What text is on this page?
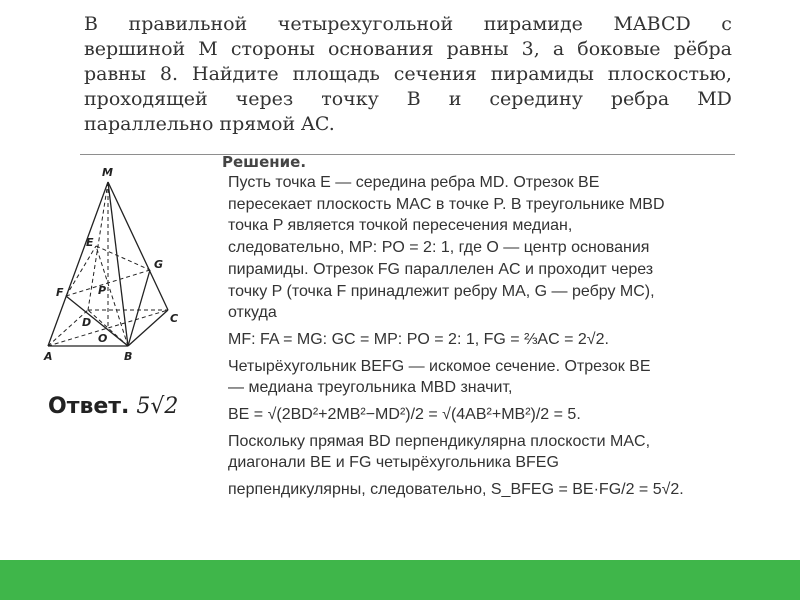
В правильной четырехугольной пирамиде MABCD с
вершиной M стороны основания равны 3, а боковые рёбра
равны 8. Найдите площадь сечения пирамиды плоскостью,
проходящей через точку B и середину ребра MD
параллельно прямой AC.
M
E
G
F	P
D	C
O
A	B
Ответ. 5√2
Решение.
Пусть точка E — середина ребра MD. Отрезок BE
пересекает плоскость MAC в точке P. В треугольнике MBD
точка P является точкой пересечения медиан,
следовательно, MP: PO = 2: 1, где O — центр основания
пирамиды. Отрезок FG параллелен AC и проходит через
точку P (точка F принадлежит ребру MA, G — ребру MC),
откуда
MF: FA = MG: GC = MP: PO = 2: 1, FG = ⅔AC = 2√2.
Четырёхугольник BEFG — искомое сечение. Отрезок BE
— медиана треугольника MBD значит,
BE = √(2BD²+2MB²−MD²)/2 = √(4AB²+MB²)/2 = 5.
Поскольку прямая BD перпендикулярна плоскости MAC,
диагонали BE и FG четырёхугольника BFEG
перпендикулярны, следовательно, S_BFEG = BE·FG/2 = 5√2.
